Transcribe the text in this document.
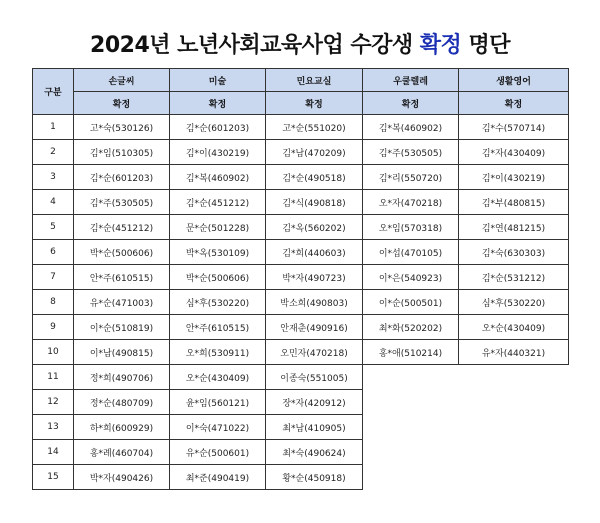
2024년 노년사회교육사업 수강생 확정 명단
구분	손글씨	미술	민요교실	우쿨렐레	생활영어
	확정	확정	확정	확정	확정
1	고*숙(530126)	김*순(601203)	고*순(551020)	김*복(460902)	김*수(570714)
2	김*임(510305)	김*이(430219)	김*남(470209)	김*주(530505)	김*자(430409)
3	김*순(601203)	김*복(460902)	김*순(490518)	김*리(550720)	김*이(430219)
4	김*주(530505)	김*순(451212)	김*식(490818)	오*자(470218)	김*부(480815)
5	김*순(451212)	문*순(501228)	김*옥(560202)	오*임(570318)	김*연(481215)
6	박*순(500606)	박*옥(530109)	김*희(440603)	이*섭(470105)	김*숙(630303)
7	안*주(610515)	박*순(500606)	박*자(490723)	이*은(540923)	김*순(531212)
8	유*순(471003)	심*후(530220)	박소희(490803)	이*순(500501)	심*후(530220)
9	이*순(510819)	안*주(610515)	안재춘(490916)	최*화(520202)	오*순(430409)
10	이*남(490815)	오*희(530911)	오민자(470218)	홍*애(510214)	유*자(440321)
11	정*희(490706)	오*순(430409)	이종숙(551005)		
12	정*순(480709)	윤*임(560121)	장*자(420912)		
13	하*희(600929)	이*숙(471022)	최*남(410905)		
14	홍*례(460704)	유*순(500601)	최*숙(490624)		
15	박*자(490426)	최*준(490419)	황*순(450918)		
